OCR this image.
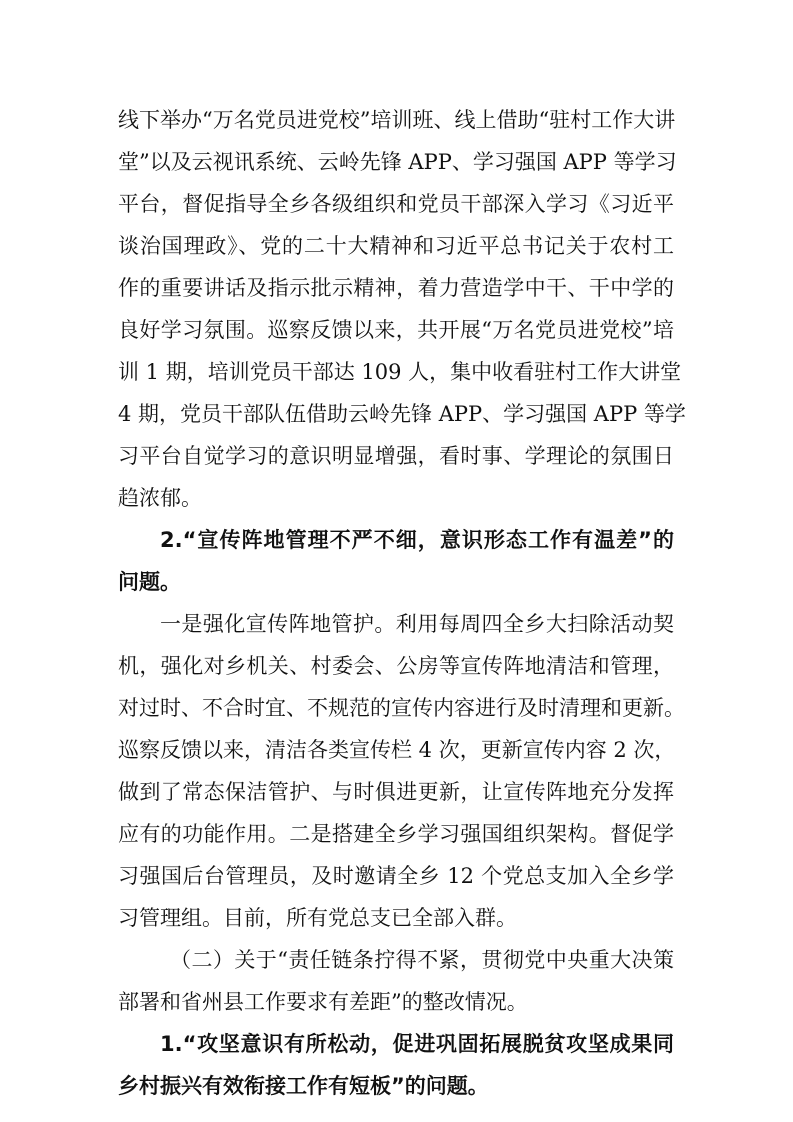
线下举办“万名党员进党校”培训班、线上借助“驻村工作大讲
堂”以及云视讯系统、云岭先锋 APP、学习强国 APP 等学习
平台，督促指导全乡各级组织和党员干部深入学习《习近平
谈治国理政》、党的二十大精神和习近平总书记关于农村工
作的重要讲话及指示批示精神，着力营造学中干、干中学的
良好学习氛围。巡察反馈以来，共开展“万名党员进党校”培
训 1 期，培训党员干部达 109 人，集中收看驻村工作大讲堂
4 期，党员干部队伍借助云岭先锋 APP、学习强国 APP 等学
习平台自觉学习的意识明显增强，看时事、学理论的氛围日
趋浓郁。
2.“宣传阵地管理不严不细，意识形态工作有温差”的
问题。
一是强化宣传阵地管护。利用每周四全乡大扫除活动契
机，强化对乡机关、村委会、公房等宣传阵地清洁和管理，
对过时、不合时宜、不规范的宣传内容进行及时清理和更新。
巡察反馈以来，清洁各类宣传栏 4 次，更新宣传内容 2 次，
做到了常态保洁管护、与时俱进更新，让宣传阵地充分发挥
应有的功能作用。二是搭建全乡学习强国组织架构。督促学
习强国后台管理员，及时邀请全乡 12 个党总支加入全乡学
习管理组。目前，所有党总支已全部入群。
（二）关于“责任链条拧得不紧，贯彻党中央重大决策
部署和省州县工作要求有差距”的整改情况。
1.“攻坚意识有所松动，促进巩固拓展脱贫攻坚成果同
乡村振兴有效衔接工作有短板”的问题。
